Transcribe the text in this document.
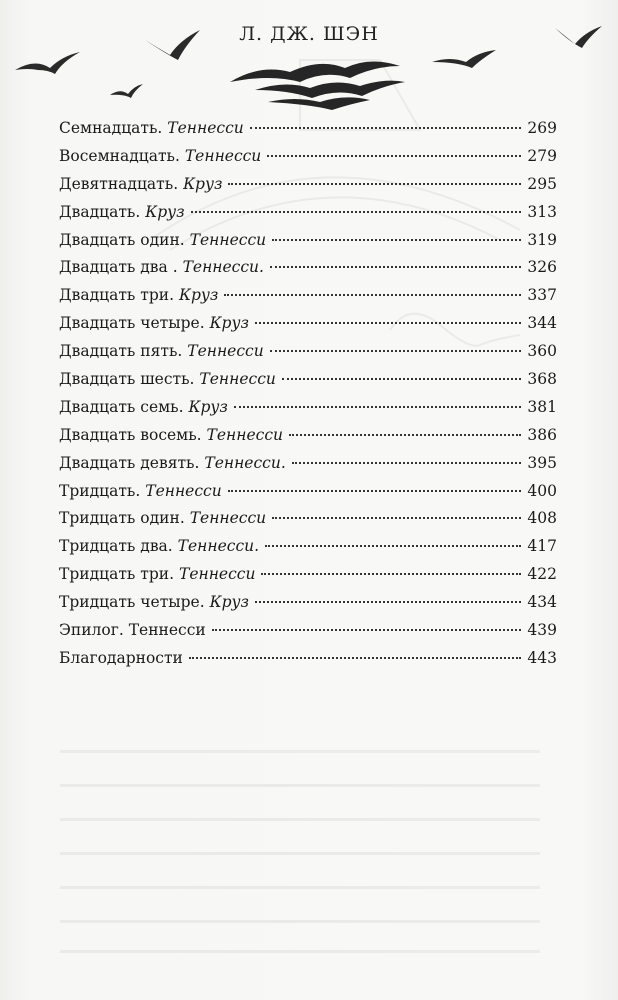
Л. ДЖ. ШЭН
Семнадцать. Теннесси	269
Восемнадцать. Теннесси	279
Девятнадцать. Круз	295
Двадцать. Круз	313
Двадцать один. Теннесси	319
Двадцать два . Теннесси.	326
Двадцать три. Круз	337
Двадцать четыре. Круз	344
Двадцать пять. Теннесси	360
Двадцать шесть. Теннесси	368
Двадцать семь. Круз	381
Двадцать восемь. Теннесси	386
Двадцать девять. Теннесси.	395
Тридцать. Теннесси	400
Тридцать один. Теннесси	408
Тридцать два. Теннесси.	417
Тридцать три. Теннесси	422
Тридцать четыре. Круз	434
Эпилог. Теннесси	439
Благодарности	443
